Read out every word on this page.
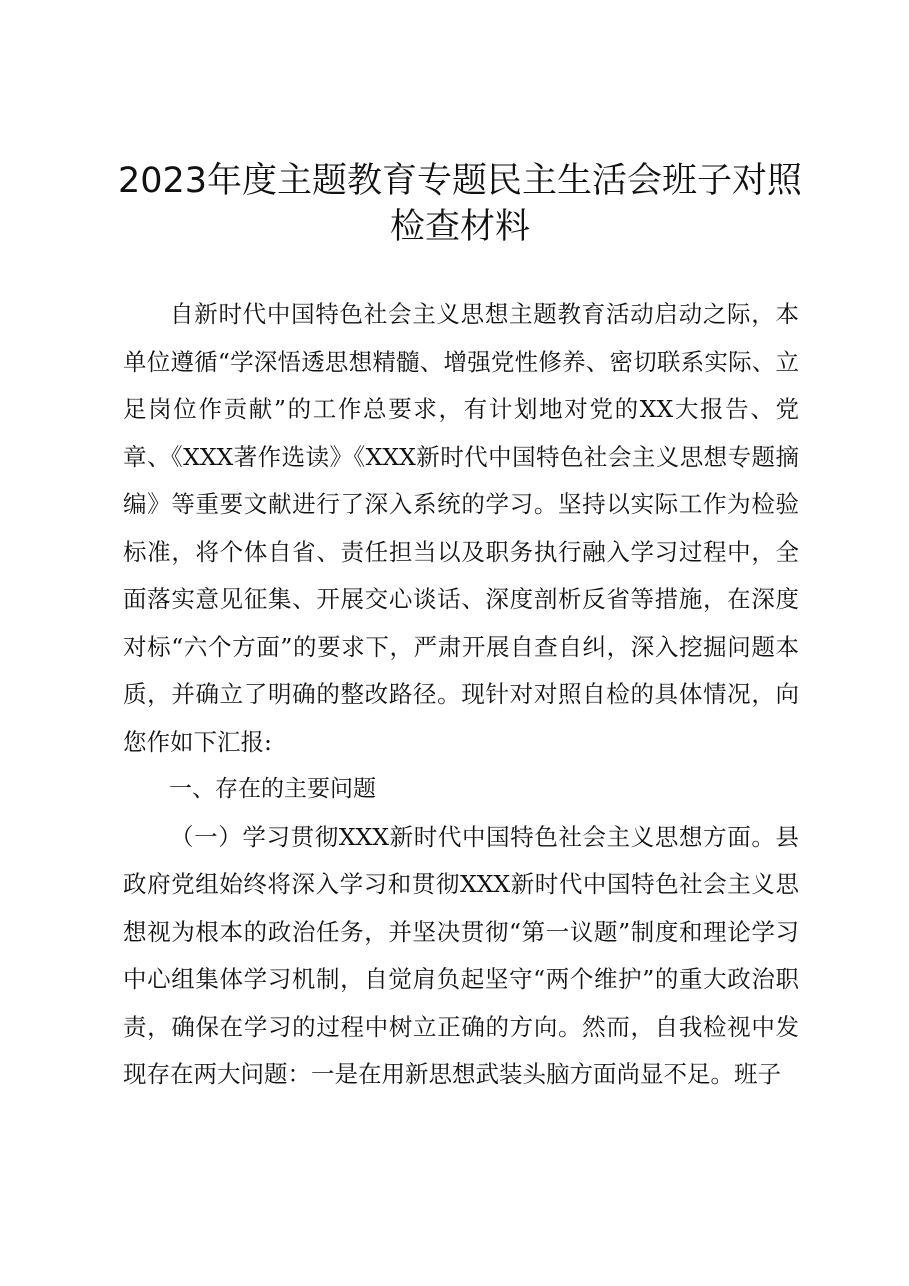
2023年度主题教育专题民主生活会班子对照检查材料

自新时代中国特色社会主义思想主题教育活动启动之际，本单位遵循“学深悟透思想精髓、增强党性修养、密切联系实际、立足岗位作贡献”的工作总要求，有计划地对党的XX大报告、党章、《XXX著作选读》《XXX新时代中国特色社会主义思想专题摘编》等重要文献进行了深入系统的学习。坚持以实际工作为检验标准，将个体自省、责任担当以及职务执行融入学习过程中，全面落实意见征集、开展交心谈话、深度剖析反省等措施，在深度对标“六个方面”的要求下，严肃开展自查自纠，深入挖掘问题本质，并确立了明确的整改路径。现针对对照自检的具体情况，向您作如下汇报:

一、存在的主要问题

（一）学习贯彻XXX新时代中国特色社会主义思想方面。县政府党组始终将深入学习和贯彻XXX新时代中国特色社会主义思想视为根本的政治任务，并坚决贯彻“第一议题”制度和理论学习中心组集体学习机制，自觉肩负起坚守“两个维护”的重大政治职责，确保在学习的过程中树立正确的方向。然而，自我检视中发现存在两大问题：一是在用新思想武装头脑方面尚显不足。班子
